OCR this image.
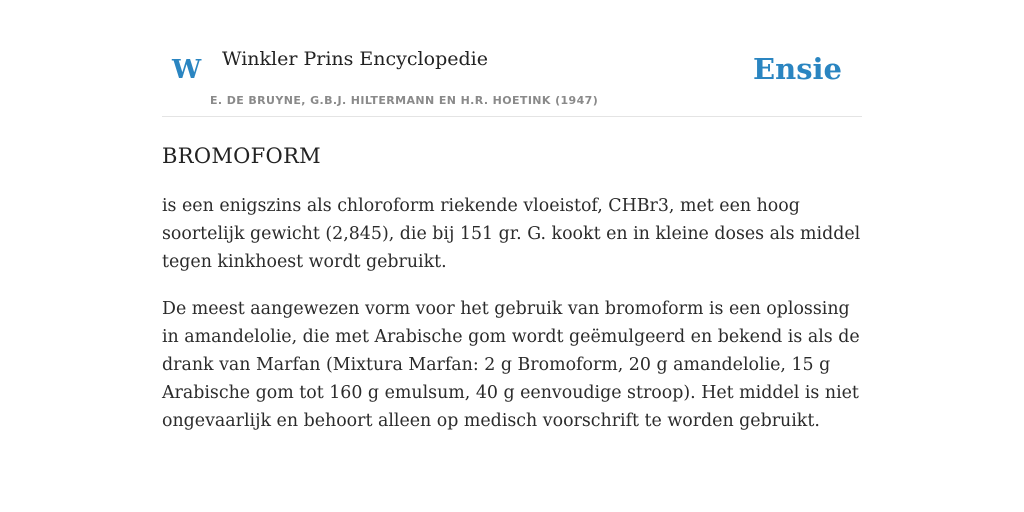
W Winkler Prins Encyclopedie
E. DE BRUYNE, G.B.J. HILTERMANN EN H.R. HOETINK (1947)
Ensie
BROMOFORM

is een enigszins als chloroform riekende vloeistof, CHBr3, met een hoog soortelijk gewicht (2,845), die bij 151 gr. G. kookt en in kleine doses als middel tegen kinkhoest wordt gebruikt.

De meest aangewezen vorm voor het gebruik van bromoform is een oplossing in amandelolie, die met Arabische gom wordt geëmulgeerd en bekend is als de drank van Marfan (Mixtura Marfan: 2 g Bromoform, 20 g amandelolie, 15 g Arabische gom tot 160 g emulsum, 40 g eenvoudige stroop). Het middel is niet ongevaarlijk en behoort alleen op medisch voorschrift te worden gebruikt.
